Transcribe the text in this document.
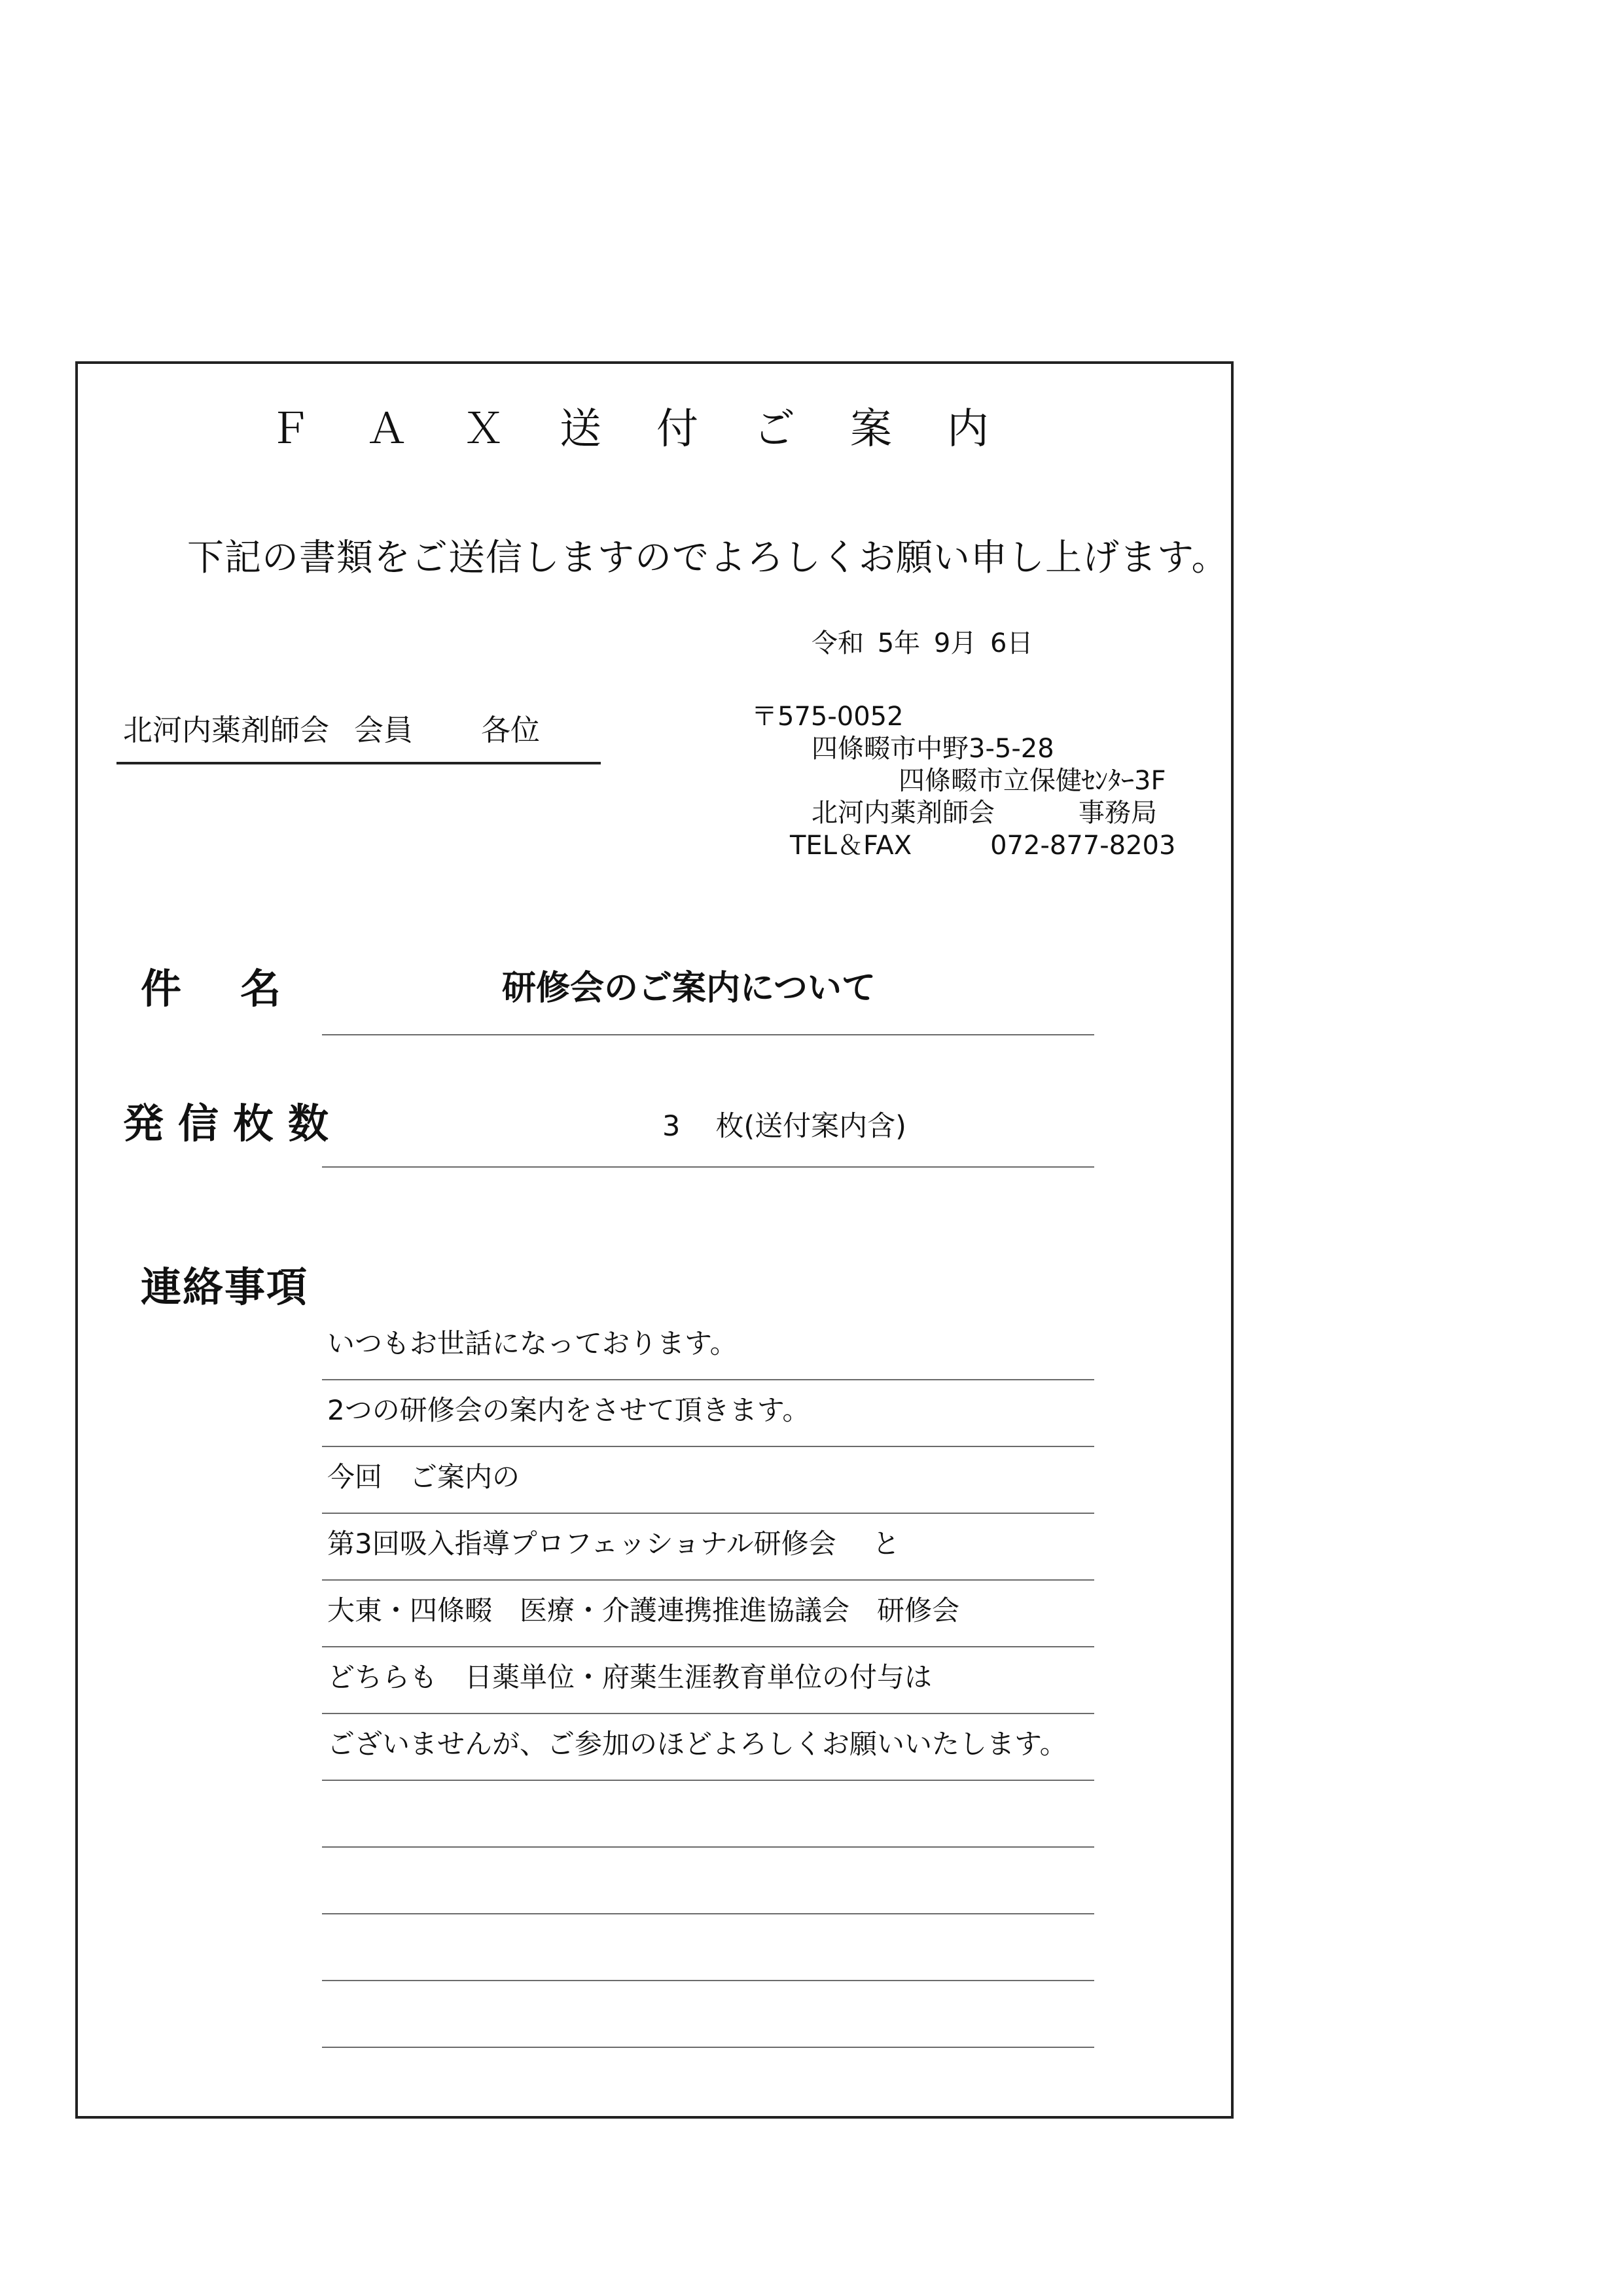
ＦＡＸ送付ご案内
下記の書類をご送信しますのでよろしくお願い申し上げます。
令和 5年 9月 6日
北河内薬剤師会 会員 各位	〒575-0052
四條畷市中野3-5-28
四條畷市立保健ｾﾝﾀｰ3F
北河内薬剤師会	事務局
TEL＆FAX	072-877-8203
件名	研修会のご案内について
発信枚数	3 枚(送付案内含)
連絡事項
いつもお世話になっております。
2つの研修会の案内をさせて頂きます。
今回　ご案内の
第3回吸入指導プロフェッショナル研修会　 と
大東・四條畷　医療・介護連携推進協議会　研修会
どちらも　日薬単位・府薬生涯教育単位の付与は
ございませんが、ご参加のほどよろしくお願いいたします。
